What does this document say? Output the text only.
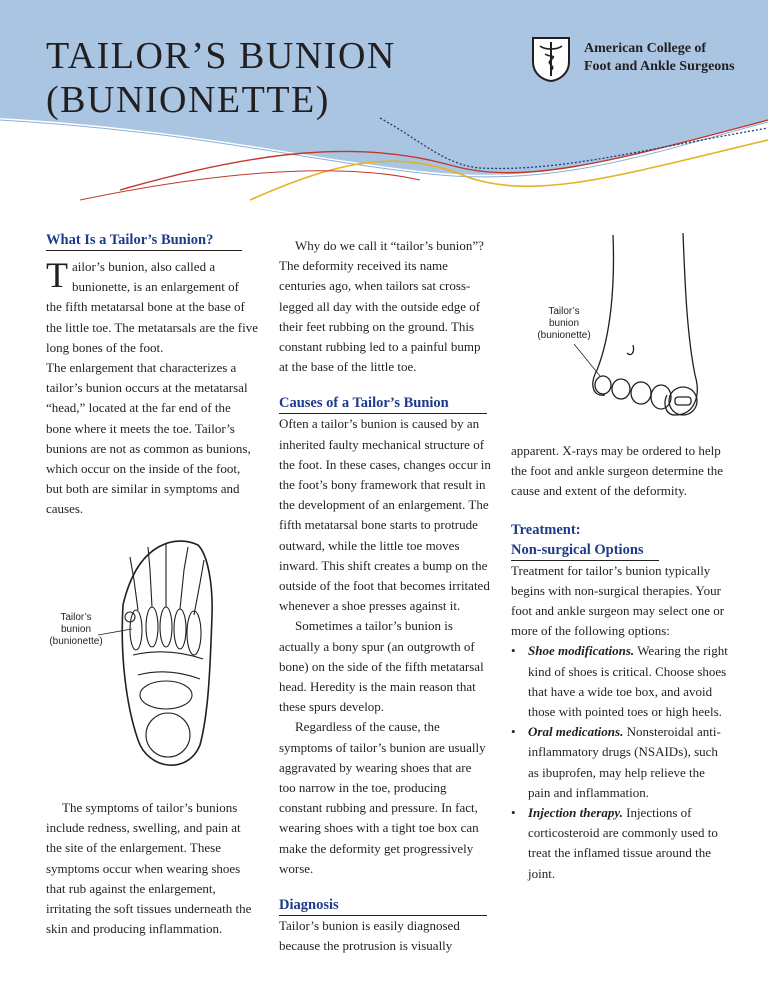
TAILOR’S BUNION
(BUNIONETTE)
American College of
Foot and Ankle Surgeons
What Is a Tailor’s Bunion?

Tailor’s bunion, also called a bunionette, is an enlargement of the fifth metatarsal bone at the base of the little toe. The metatarsals are the five long bones of the foot.

The enlargement that characterizes a tailor’s bunion occurs at the metatarsal “head,” located at the far end of the bone where it meets the toe. Tailor’s bunions are not as common as bunions, which occur on the inside of the foot, but both are similar in symptoms and causes.

Tailor’s
bunion
(bunionette)

The symptoms of tailor’s bunions include redness, swelling, and pain at the site of the enlargement. These symptoms occur when wearing shoes that rub against the enlargement, irritating the soft tissues underneath the skin and producing inflammation.

Why do we call it “tailor’s bunion”? The deformity received its name centuries ago, when tailors sat cross-legged all day with the outside edge of their feet rubbing on the ground. This constant rubbing led to a painful bump at the base of the little toe.

Causes of a Tailor’s Bunion

Often a tailor’s bunion is caused by an inherited faulty mechanical structure of the foot. In these cases, changes occur in the foot’s bony framework that result in the development of an enlargement. The fifth metatarsal bone starts to protrude outward, while the little toe moves inward. This shift creates a bump on the outside of the foot that becomes irritated whenever a shoe presses against it.

Sometimes a tailor’s bunion is actually a bony spur (an outgrowth of bone) on the side of the fifth metatarsal head. Heredity is the main reason that these spurs develop.

Regardless of the cause, the symptoms of tailor’s bunion are usually aggravated by wearing shoes that are too narrow in the toe, producing constant rubbing and pressure. In fact, wearing shoes with a tight toe box can make the deformity get progressively worse.

Diagnosis

Tailor’s bunion is easily diagnosed because the protrusion is visually

Tailor’s
bunion
(bunionette)

apparent. X-rays may be ordered to help the foot and ankle surgeon determine the cause and extent of the deformity.

Treatment:
Non-surgical Options

Treatment for tailor’s bunion typically begins with non-surgical therapies. Your foot and ankle surgeon may select one or more of the following options:

• Shoe modifications. Wearing the right kind of shoes is critical. Choose shoes that have a wide toe box, and avoid those with pointed toes or high heels.
• Oral medications. Nonsteroidal anti-inflammatory drugs (NSAIDs), such as ibuprofen, may help relieve the pain and inflammation.
• Injection therapy. Injections of corticosteroid are commonly used to treat the inflamed tissue around the joint.
